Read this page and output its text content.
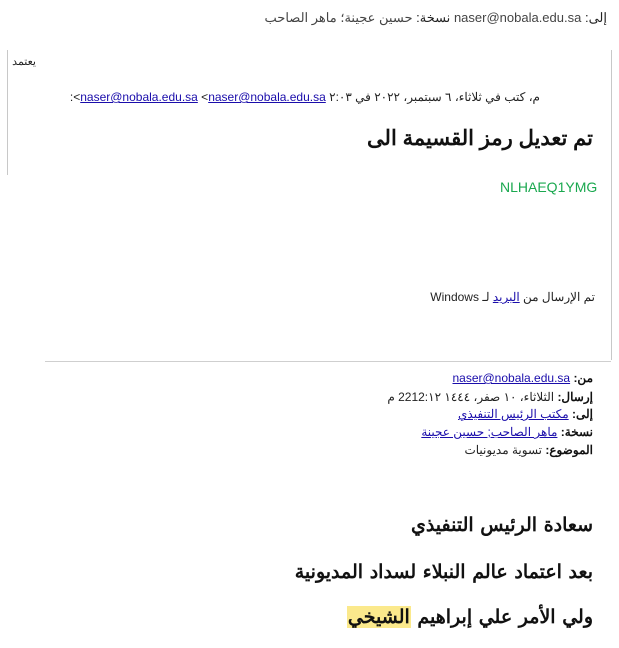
إلى: naser@nobala.edu.sa نسخة: حسين عجينة؛ ماهر الصاحب
يعتمد
م، كتب في ثلاثاء، ٦ سبتمبر، ٢٠٢٢ في ٢:٠٣ naser@nobala.edu.sa <naser@nobala.edu.sa>:
تم تعديل رمز القسيمة الى
NLHAEQ1YMG
تم الإرسال من البريد لـ Windows
من: naser@nobala.edu.sa
إرسال: الثلاثاء، ١٠ صفر، ١٤٤٤ 2212:١٢ م
إلى: مكتب الرئيس التنفيذي
نسخة: ماهر الصاحب; حسين عجينة
الموضوع: تسوية مديونيات
سعادة الرئيس التنفيذي
بعد اعتماد عالم النبلاء لسداد المديونية
ولي الأمر علي إبراهيم الشيخي
